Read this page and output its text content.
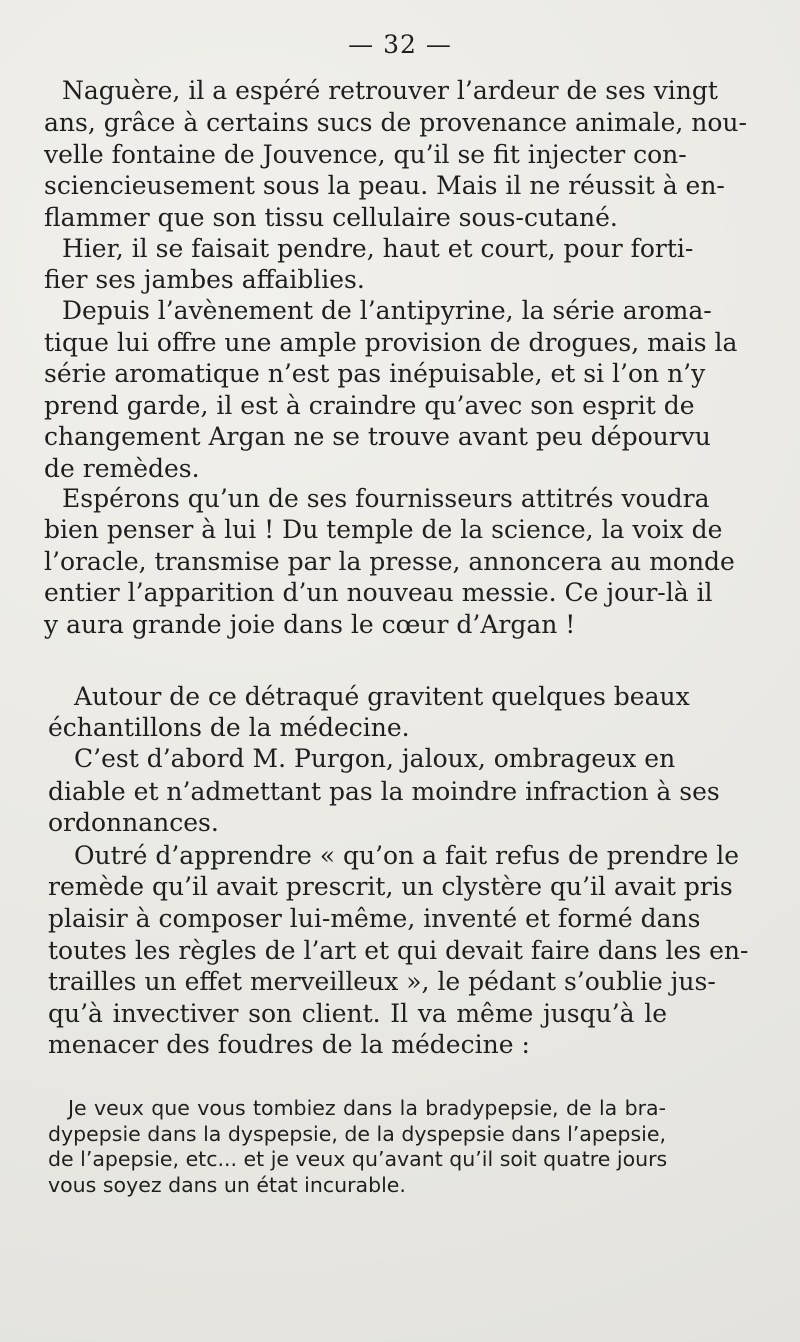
— 32 —
Naguère, il a espéré retrouver l’ardeur de ses vingt
ans, grâce à certains sucs de provenance animale, nou-
velle fontaine de Jouvence, qu’il se fit injecter con-
sciencieusement sous la peau. Mais il ne réussit à en-
flammer que son tissu cellulaire sous-cutané.
Hier, il se faisait pendre, haut et court, pour forti-
fier ses jambes affaiblies.
Depuis l’avènement de l’antipyrine, la série aroma-
tique lui offre une ample provision de drogues, mais la
série aromatique n’est pas inépuisable, et si l’on n’y
prend garde, il est à craindre qu’avec son esprit de
changement Argan ne se trouve avant peu dépourvu
de remèdes.
Espérons qu’un de ses fournisseurs attitrés voudra
bien penser à lui ! Du temple de la science, la voix de
l’oracle, transmise par la presse, annoncera au monde
entier l’apparition d’un nouveau messie. Ce jour-là il
y aura grande joie dans le cœur d’Argan !
Autour de ce détraqué gravitent quelques beaux
échantillons de la médecine.
C’est d’abord M. Purgon, jaloux, ombrageux en
diable et n’admettant pas la moindre infraction à ses
ordonnances.
Outré d’apprendre « qu’on a fait refus de prendre le
remède qu’il avait prescrit, un clystère qu’il avait pris
plaisir à composer lui-même, inventé et formé dans
toutes les règles de l’art et qui devait faire dans les en-
trailles un effet merveilleux », le pédant s’oublie jus-
qu’à invectiver son client. Il va même jusqu’à le
menacer des foudres de la médecine :
Je veux que vous tombiez dans la bradypepsie, de la bra-
dypepsie dans la dyspepsie, de la dyspepsie dans l’apepsie,
de l’apepsie, etc... et je veux qu’avant qu’il soit quatre jours
vous soyez dans un état incurable.
